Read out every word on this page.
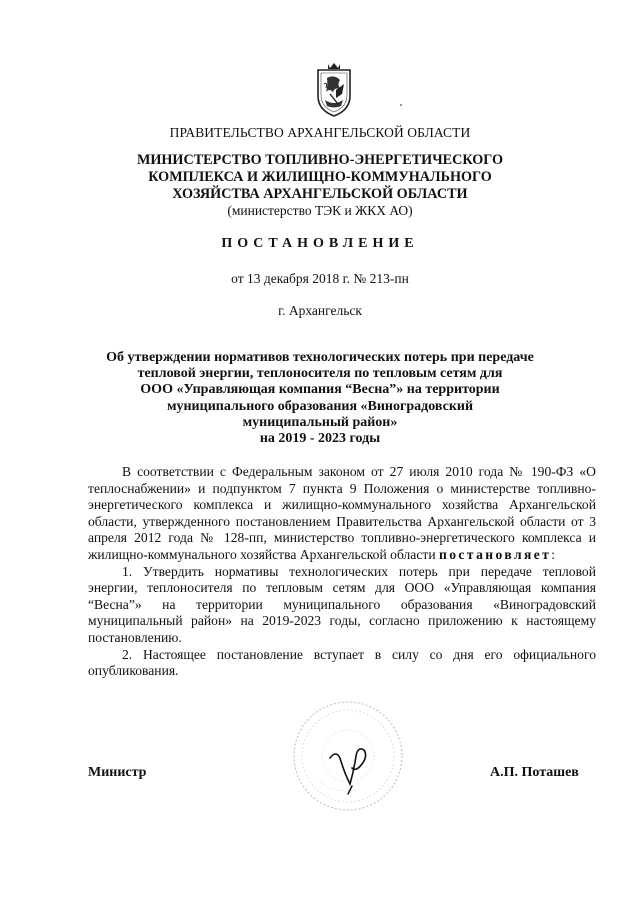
ПРАВИТЕЛЬСТВО АРХАНГЕЛЬСКОЙ ОБЛАСТИ
МИНИСТЕРСТВО ТОПЛИВНО-ЭНЕРГЕТИЧЕСКОГО
КОМПЛЕКСА И ЖИЛИЩНО-КОММУНАЛЬНОГО
ХОЗЯЙСТВА АРХАНГЕЛЬСКОЙ ОБЛАСТИ
(министерство ТЭК и ЖКХ АО)
ПОСТАНОВЛЕНИЕ
от 13 декабря 2018 г. № 213-пн
г. Архангельск
Об утверждении нормативов технологических потерь при передаче
тепловой энергии, теплоносителя по тепловым сетям для
ООО «Управляющая компания “Весна”» на территории
муниципального образования «Виноградовский
муниципальный район»
на 2019 - 2023 годы

В соответствии с Федеральным законом от 27 июля 2010 года № 190-ФЗ «О теплоснабжении» и подпунктом 7 пункта 9 Положения о министерстве топливно-энергетического комплекса и жилищно-коммунального хозяйства Архангельской области, утвержденного постановлением Правительства Архангельской области от 3 апреля 2012 года № 128-пп, министерство топливно-энергетического комплекса и жилищно-коммунального хозяйства Архангельской области постановляет:

1. Утвердить нормативы технологических потерь при передаче тепловой энергии, теплоносителя по тепловым сетям для ООО «Управляющая компания “Весна”» на территории муниципального образования «Виноградовский муниципальный район» на 2019-2023 годы, согласно приложению к настоящему постановлению.

2. Настоящее постановление вступает в силу со дня его официального опубликования.

Министр	А.П. Поташев
